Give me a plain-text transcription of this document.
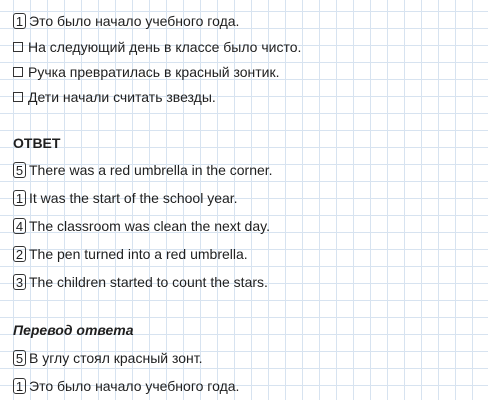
1 Это было начало учебного года.
На следующий день в классе было чисто.
Ручка превратилась в красный зонтик.
Дети начали считать звезды.
ОТВЕТ
5 There was a red umbrella in the corner.
1 It was the start of the school year.
4 The classroom was clean the next day.
2 The pen turned into a red umbrella.
3 The children started to count the stars.
Перевод ответа
5 В углу стоял красный зонт.
1 Это было начало учебного года.
